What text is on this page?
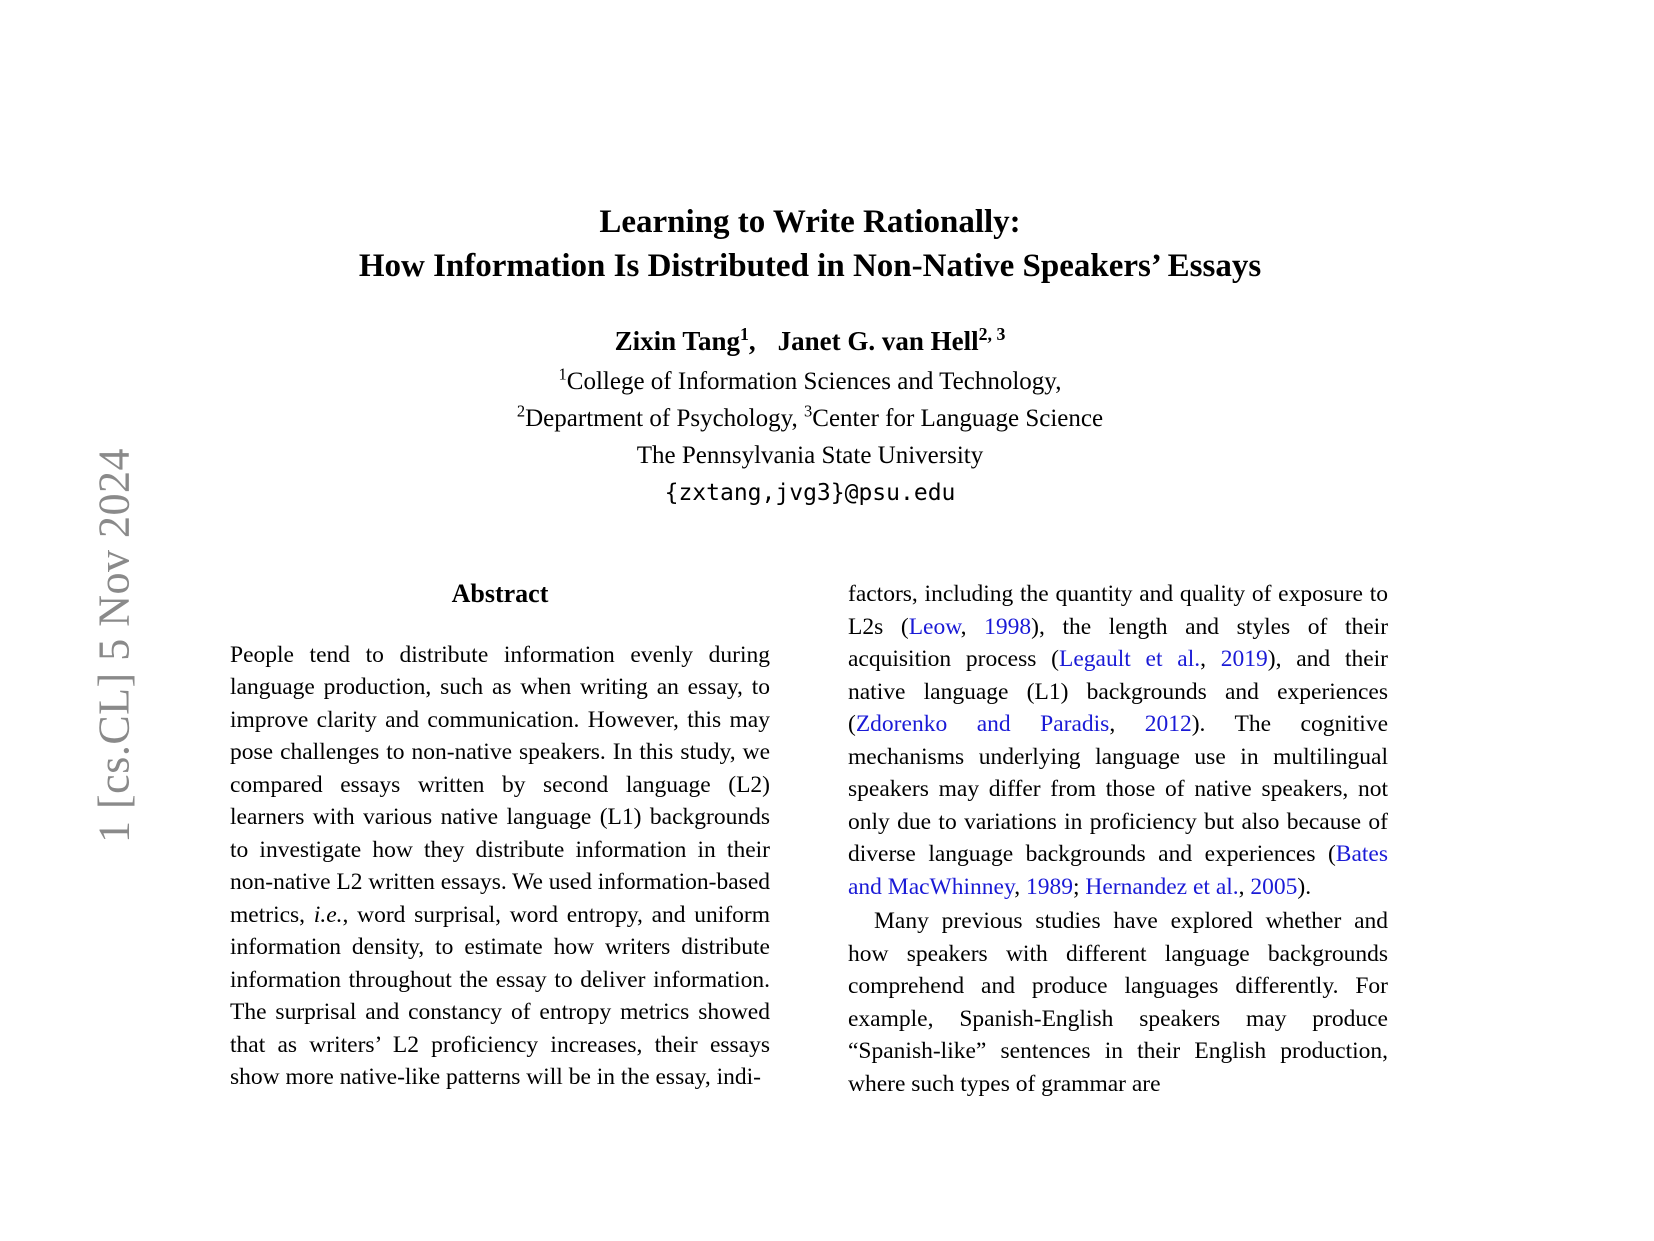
1 [cs.CL] 5 Nov 2024
Learning to Write Rationally:
How Information Is Distributed in Non-Native Speakers’ Essays
Zixin Tang$^1$, Janet G. van Hell$^{2, 3}$
$^1$College of Information Sciences and Technology,
$^2$Department of Psychology, $^3$Center for Language Science
The Pennsylvania State University
{zxtang,jvg3}@psu.edu
Abstract

People tend to distribute information evenly during language production, such as when writing an essay, to improve clarity and communication. However, this may pose challenges to non-native speakers. In this study, we compared essays written by second language (L2) learners with various native language (L1) backgrounds to investigate how they distribute information in their non-native L2 written essays. We used information-based metrics, i.e., word surprisal, word entropy, and uniform information density, to estimate how writers distribute information throughout the essay to deliver information. The surprisal and constancy of entropy metrics showed that as writers’ L2 proficiency increases, their essays show more native-like patterns will be in the essay, indi-

factors, including the quantity and quality of exposure to L2s (Leow, 1998), the length and styles of their acquisition process (Legault et al., 2019), and their native language (L1) backgrounds and experiences (Zdorenko and Paradis, 2012). The cognitive mechanisms underlying language use in multilingual speakers may differ from those of native speakers, not only due to variations in proficiency but also because of diverse language backgrounds and experiences (Bates and MacWhinney, 1989; Hernandez et al., 2005).

Many previous studies have explored whether and how speakers with different language backgrounds comprehend and produce languages differently. For example, Spanish-English speakers may produce “Spanish-like” sentences in their English production, where such types of grammar are
